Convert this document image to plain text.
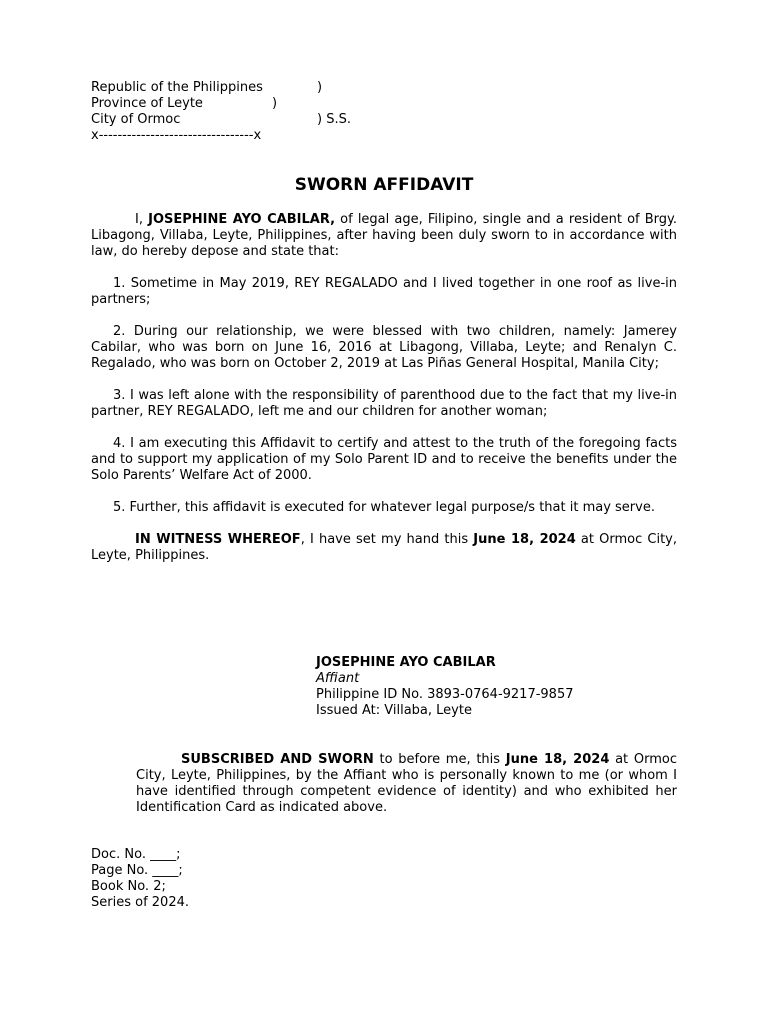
Republic of the Philippines	)
Province of Leyte	)
City of Ormoc	) S.S.
x---------------------------------x
SWORN AFFIDAVIT

I, JOSEPHINE AYO CABILAR, of legal age, Filipino, single and a resident of Brgy. Libagong, Villaba, Leyte, Philippines, after having been duly sworn to in accordance with law, do hereby depose and state that:

1. Sometime in May 2019, REY REGALADO and I lived together in one roof as live-in partners;

2. During our relationship, we were blessed with two children, namely: Jamerey Cabilar, who was born on June 16, 2016 at Libagong, Villaba, Leyte; and Renalyn C. Regalado, who was born on October 2, 2019 at Las Piñas General Hospital, Manila City;

3. I was left alone with the responsibility of parenthood due to the fact that my live-in partner, REY REGALADO, left me and our children for another woman;

4. I am executing this Affidavit to certify and attest to the truth of the foregoing facts and to support my application of my Solo Parent ID and to receive the benefits under the Solo Parents’ Welfare Act of 2000.

5. Further, this affidavit is executed for whatever legal purpose/s that it may serve.

IN WITNESS WHEREOF, I have set my hand this June 18, 2024 at Ormoc City, Leyte, Philippines.

JOSEPHINE AYO CABILAR
Affiant
Philippine ID No. 3893-0764-9217-9857
Issued At: Villaba, Leyte
SUBSCRIBED AND SWORN to before me, this June 18, 2024 at Ormoc City, Leyte, Philippines, by the Affiant who is personally known to me (or whom I have identified through competent evidence of identity) and who exhibited her Identification Card as indicated above.
Doc. No. ____;
Page No. ____;
Book No. 2;
Series of 2024.
